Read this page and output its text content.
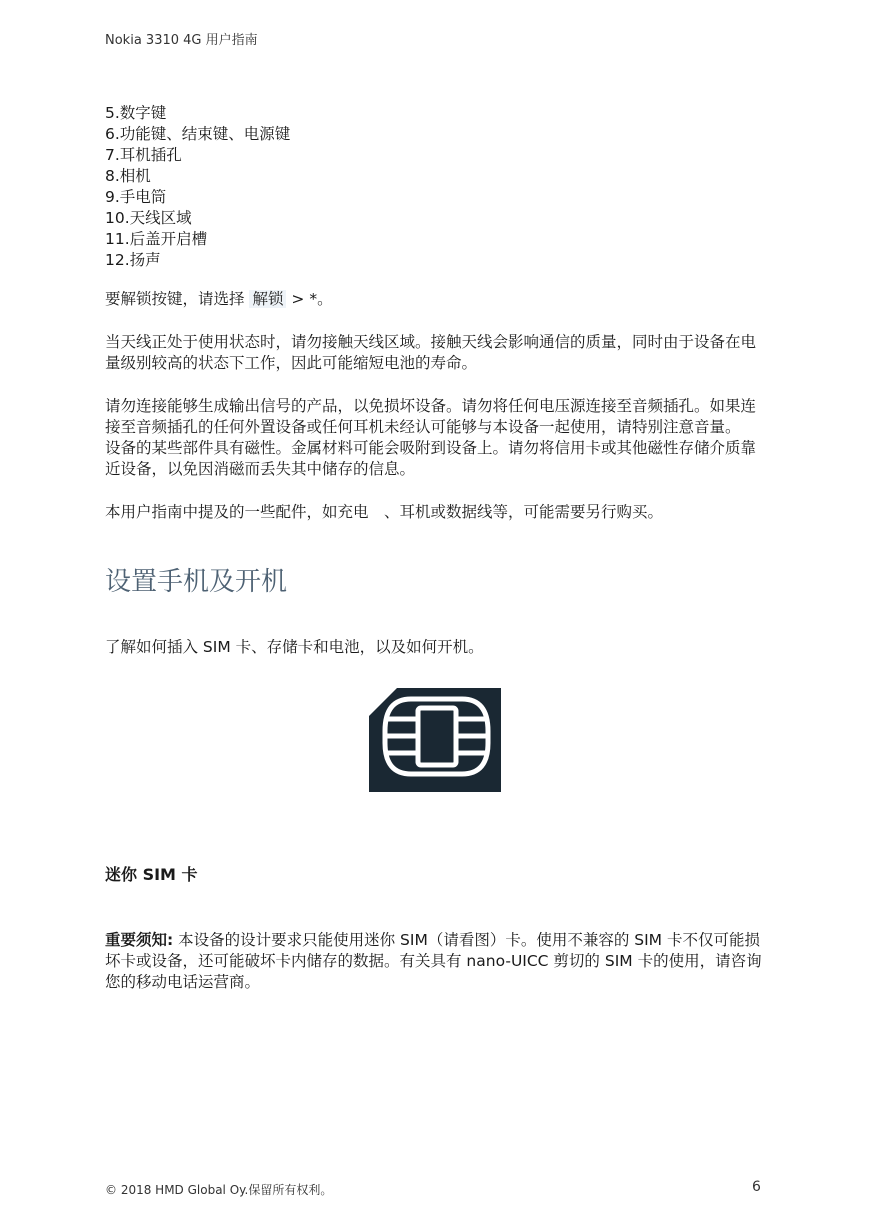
Nokia 3310 4G 用户指南
5.数字键
6.功能键、结束键、电源键
7.耳机插孔
8.相机
9.手电筒
10.天线区域
11.后盖开启槽
12.扬声

要解锁按键，请选择 解锁 > *。

当天线正处于使用状态时，请勿接触天线区域。接触天线会影响通信的质量，同时由于设备在电量级别较高的状态下工作，因此可能缩短电池的寿命。

请勿连接能够生成输出信号的产品，以免损坏设备。请勿将任何电压源连接至音频插孔。如果连接至音频插孔的任何外置设备或任何耳机未经认可能够与本设备一起使用，请特别注意音量。

设备的某些部件具有磁性。金属材料可能会吸附到设备上。请勿将信用卡或其他磁性存储介质靠近设备，以免因消磁而丢失其中储存的信息。

本用户指南中提及的一些配件，如充电　、耳机或数据线等，可能需要另行购买。

设置手机及开机

了解如何插入 SIM 卡、存储卡和电池，以及如何开机。

迷你 SIM 卡

重要须知: 本设备的设计要求只能使用迷你 SIM（请看图）卡。使用不兼容的 SIM 卡不仅可能损坏卡或设备，还可能破坏卡内储存的数据。有关具有 nano-UICC 剪切的 SIM 卡的使用，请咨询您的移动电话运营商。

© 2018 HMD Global Oy.保留所有权利。	6
